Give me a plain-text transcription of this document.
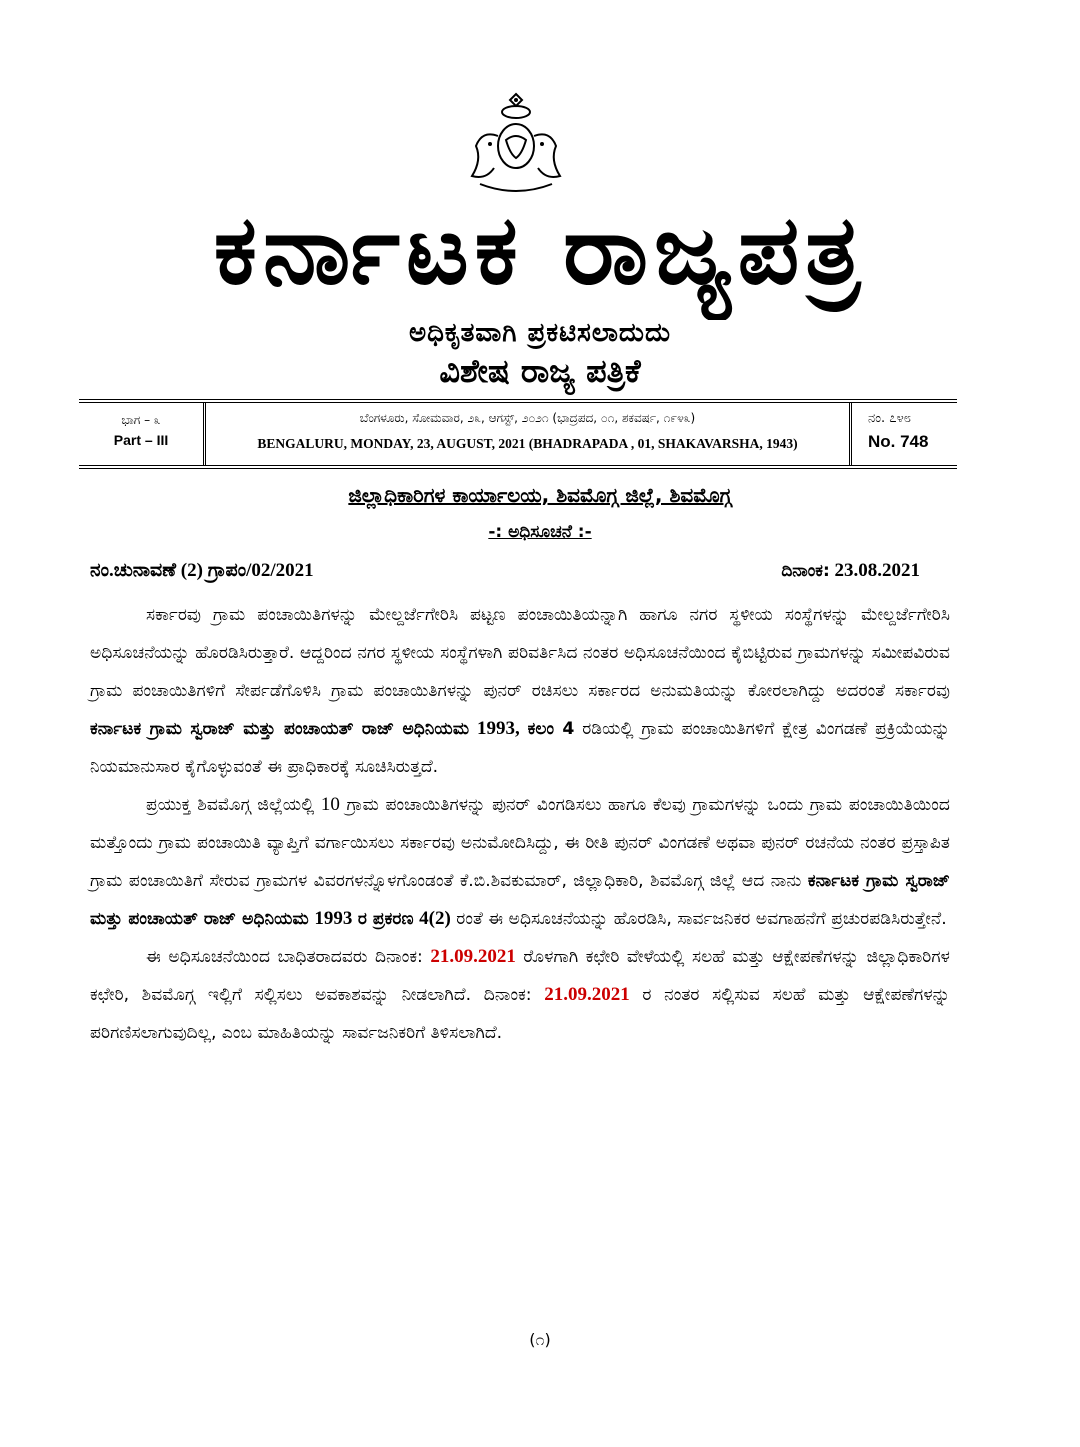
ಕರ್ನಾಟಕ ರಾಜ್ಯಪತ್ರ
ಅಧಿಕೃತವಾಗಿ ಪ್ರಕಟಿಸಲಾದುದು
ವಿಶೇಷ ರಾಜ್ಯ ಪತ್ರಿಕೆ
ಭಾಗ – ೩
Part – III
ಬೆಂಗಳೂರು, ಸೋಮವಾರ, ೨೩, ಆಗಸ್ಟ್, ೨೦೨೧ (ಭಾದ್ರಪದ, ೦೧, ಶಕವರ್ಷ, ೧೯೪೩)
BENGALURU, MONDAY, 23, AUGUST, 2021 (BHADRAPADA , 01, SHAKAVARSHA, 1943)
ನಂ. ೭೪೮
No. 748
ಜಿಲ್ಲಾಧಿಕಾರಿಗಳ ಕಾರ್ಯಾಲಯ, ಶಿವಮೊಗ್ಗ ಜಿಲ್ಲೆ, ಶಿವಮೊಗ್ಗ
-: ಅಧಿಸೂಚನೆ :-
ನಂ.ಚುನಾವಣೆ (2) ಗ್ರಾಪಂ/02/2021	ದಿನಾಂಕ: 23.08.2021

ಸರ್ಕಾರವು ಗ್ರಾಮ ಪಂಚಾಯಿತಿಗಳನ್ನು ಮೇಲ್ದರ್ಜೆಗೇರಿಸಿ ಪಟ್ಟಣ ಪಂಚಾಯಿತಿಯನ್ನಾಗಿ ಹಾಗೂ ನಗರ ಸ್ಥಳೀಯ ಸಂಸ್ಥೆಗಳನ್ನು ಮೇಲ್ದರ್ಜೆಗೇರಿಸಿ ಅಧಿಸೂಚನೆಯನ್ನು ಹೊರಡಿಸಿರುತ್ತಾರೆ. ಆದ್ದರಿಂದ ನಗರ ಸ್ಥಳೀಯ ಸಂಸ್ಥೆಗಳಾಗಿ ಪರಿವರ್ತಿಸಿದ ನಂತರ ಅಧಿಸೂಚನೆಯಿಂದ ಕೈಬಿಟ್ಟಿರುವ ಗ್ರಾಮಗಳನ್ನು ಸಮೀಪವಿರುವ ಗ್ರಾಮ ಪಂಚಾಯಿತಿಗಳಿಗೆ ಸೇರ್ಪಡೆಗೊಳಿಸಿ ಗ್ರಾಮ ಪಂಚಾಯಿತಿಗಳನ್ನು ಪುನರ್ ರಚಿಸಲು ಸರ್ಕಾರದ ಅನುಮತಿಯನ್ನು ಕೋರಲಾಗಿದ್ದು ಅದರಂತೆ ಸರ್ಕಾರವು ಕರ್ನಾಟಕ ಗ್ರಾಮ ಸ್ವರಾಜ್ ಮತ್ತು ಪಂಚಾಯತ್ ರಾಜ್ ಅಧಿನಿಯಮ 1993, ಕಲಂ 4 ರಡಿಯಲ್ಲಿ ಗ್ರಾಮ ಪಂಚಾಯಿತಿಗಳಿಗೆ ಕ್ಷೇತ್ರ ವಿಂಗಡಣೆ ಪ್ರಕ್ರಿಯೆಯನ್ನು ನಿಯಮಾನುಸಾರ ಕೈಗೊಳ್ಳುವಂತೆ ಈ ಪ್ರಾಧಿಕಾರಕ್ಕೆ ಸೂಚಿಸಿರುತ್ತದೆ.

ಪ್ರಯುಕ್ತ ಶಿವಮೊಗ್ಗ ಜಿಲ್ಲೆಯಲ್ಲಿ 10 ಗ್ರಾಮ ಪಂಚಾಯಿತಿಗಳನ್ನು ಪುನರ್ ವಿಂಗಡಿಸಲು ಹಾಗೂ ಕೆಲವು ಗ್ರಾಮಗಳನ್ನು ಒಂದು ಗ್ರಾಮ ಪಂಚಾಯಿತಿಯಿಂದ ಮತ್ತೊಂದು ಗ್ರಾಮ ಪಂಚಾಯಿತಿ ವ್ಯಾಪ್ತಿಗೆ ವರ್ಗಾಯಿಸಲು ಸರ್ಕಾರವು ಅನುಮೋದಿಸಿದ್ದು, ಈ ರೀತಿ ಪುನರ್ ವಿಂಗಡಣೆ ಅಥವಾ ಪುನರ್ ರಚನೆಯ ನಂತರ ಪ್ರಸ್ತಾಪಿತ ಗ್ರಾಮ ಪಂಚಾಯಿತಿಗೆ ಸೇರುವ ಗ್ರಾಮಗಳ ವಿವರಗಳನ್ನೊಳಗೊಂಡಂತೆ ಕೆ.ಬಿ.ಶಿವಕುಮಾರ್, ಜಿಲ್ಲಾಧಿಕಾರಿ, ಶಿವಮೊಗ್ಗ ಜಿಲ್ಲೆ ಆದ ನಾನು ಕರ್ನಾಟಕ ಗ್ರಾಮ ಸ್ವರಾಜ್ ಮತ್ತು ಪಂಚಾಯತ್ ರಾಜ್ ಅಧಿನಿಯಮ 1993 ರ ಪ್ರಕರಣ 4(2) ರಂತೆ ಈ ಅಧಿಸೂಚನೆಯನ್ನು ಹೊರಡಿಸಿ, ಸಾರ್ವಜನಿಕರ ಅವಗಾಹನೆಗೆ ಪ್ರಚುರಪಡಿಸಿರುತ್ತೇನೆ.

ಈ ಅಧಿಸೂಚನೆಯಿಂದ ಬಾಧಿತರಾದವರು ದಿನಾಂಕ: 21.09.2021 ರೊಳಗಾಗಿ ಕಛೇರಿ ವೇಳೆಯಲ್ಲಿ ಸಲಹೆ ಮತ್ತು ಆಕ್ಷೇಪಣೆಗಳನ್ನು ಜಿಲ್ಲಾಧಿಕಾರಿಗಳ ಕಛೇರಿ, ಶಿವಮೊಗ್ಗ ಇಲ್ಲಿಗೆ ಸಲ್ಲಿಸಲು ಅವಕಾಶವನ್ನು ನೀಡಲಾಗಿದೆ. ದಿನಾಂಕ: 21.09.2021 ರ ನಂತರ ಸಲ್ಲಿಸುವ ಸಲಹೆ ಮತ್ತು ಆಕ್ಷೇಪಣೆಗಳನ್ನು ಪರಿಗಣಿಸಲಾಗುವುದಿಲ್ಲ, ಎಂಬ ಮಾಹಿತಿಯನ್ನು ಸಾರ್ವಜನಿಕರಿಗೆ ತಿಳಿಸಲಾಗಿದೆ.

(೧)
